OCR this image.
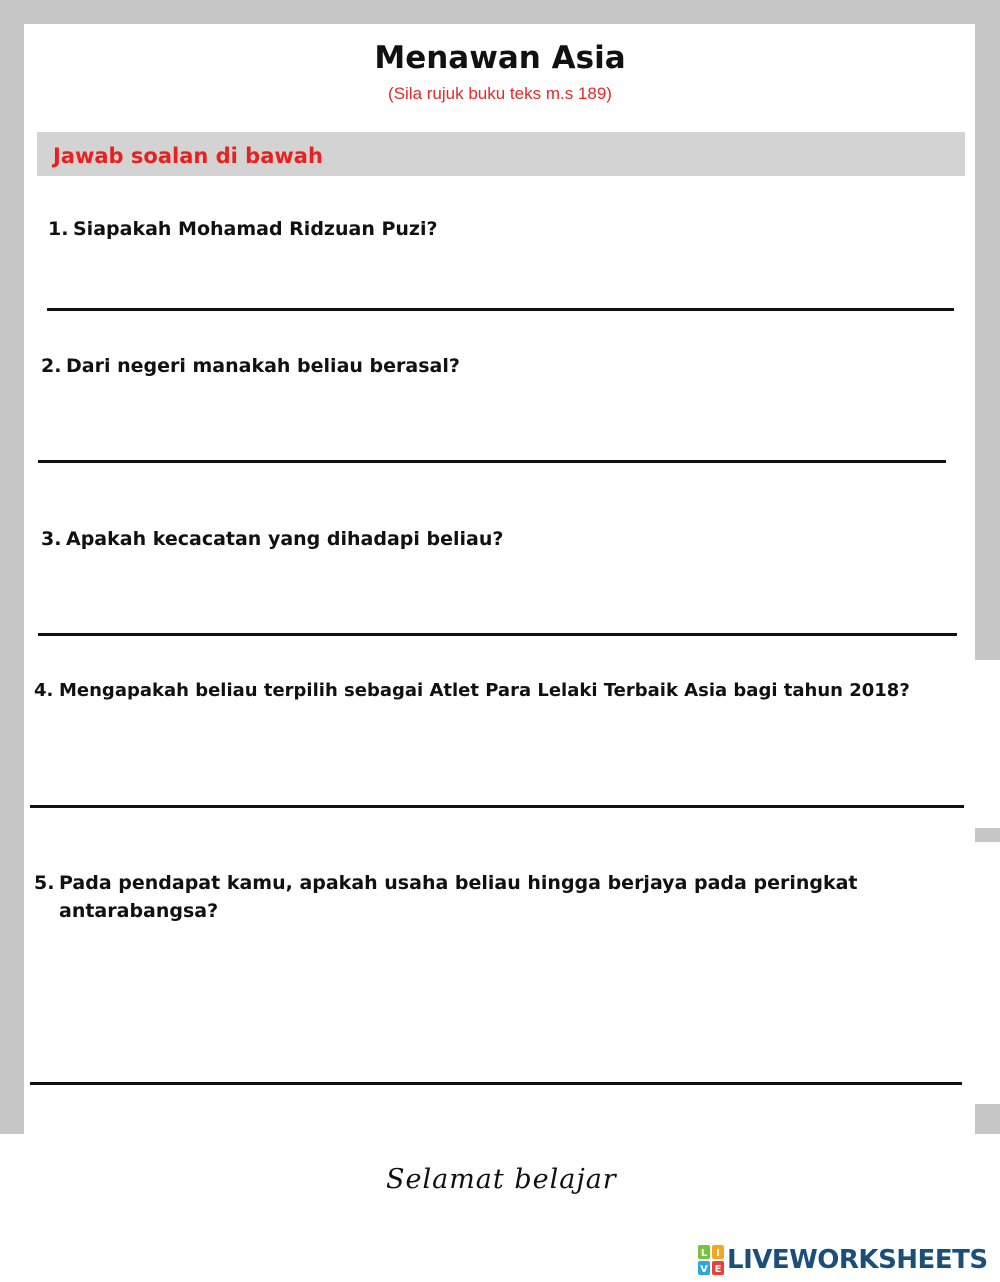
Menawan Asia
(Sila rujuk buku teks m.s 189)
Jawab soalan di bawah
1. Siapakah Mohamad Ridzuan Puzi?
2. Dari negeri manakah beliau berasal?
3. Apakah kecacatan yang dihadapi beliau?
4. Mengapakah beliau terpilih sebagai Atlet Para Lelaki Terbaik Asia bagi tahun 2018?
5. Pada pendapat kamu, apakah usaha beliau hingga berjaya pada peringkat
antarabangsa?
Selamat belajar
L I
V E LIVEWORKSHEETS
